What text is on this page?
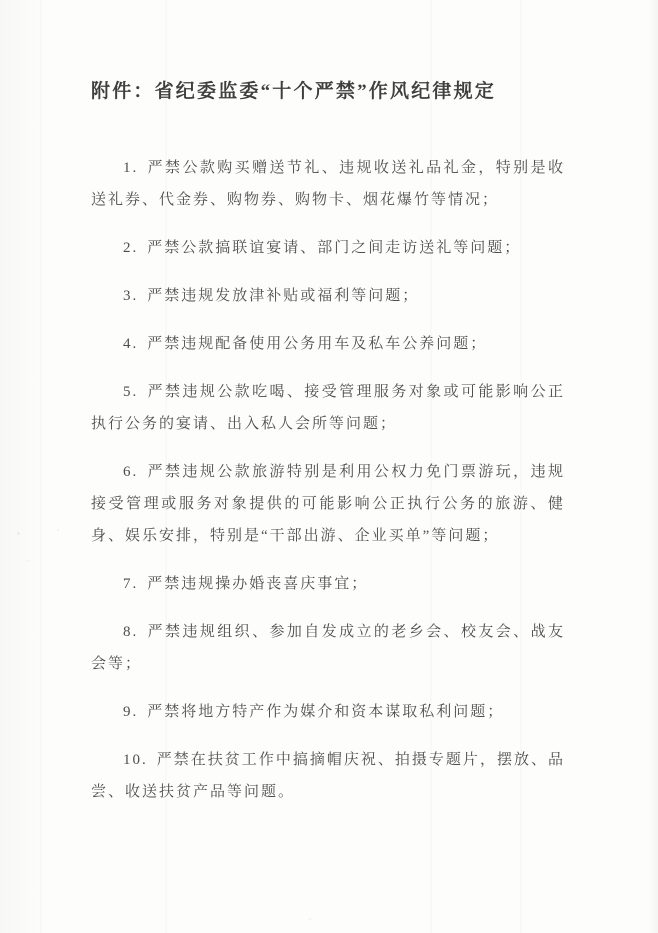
附件：省纪委监委“十个严禁”作风纪律规定

1. 严禁公款购买赠送节礼、违规收送礼品礼金，特别是收送礼券、代金券、购物券、购物卡、烟花爆竹等情况；

2. 严禁公款搞联谊宴请、部门之间走访送礼等问题；

3. 严禁违规发放津补贴或福利等问题；

4. 严禁违规配备使用公务用车及私车公养问题；

5. 严禁违规公款吃喝、接受管理服务对象或可能影响公正执行公务的宴请、出入私人会所等问题；

6. 严禁违规公款旅游特别是利用公权力免门票游玩，违规接受管理或服务对象提供的可能影响公正执行公务的旅游、健身、娱乐安排，特别是“干部出游、企业买单”等问题；

7. 严禁违规操办婚丧喜庆事宜；

8. 严禁违规组织、参加自发成立的老乡会、校友会、战友会等；

9. 严禁将地方特产作为媒介和资本谋取私利问题；

10. 严禁在扶贫工作中搞摘帽庆祝、拍摄专题片，摆放、品尝、收送扶贫产品等问题。
